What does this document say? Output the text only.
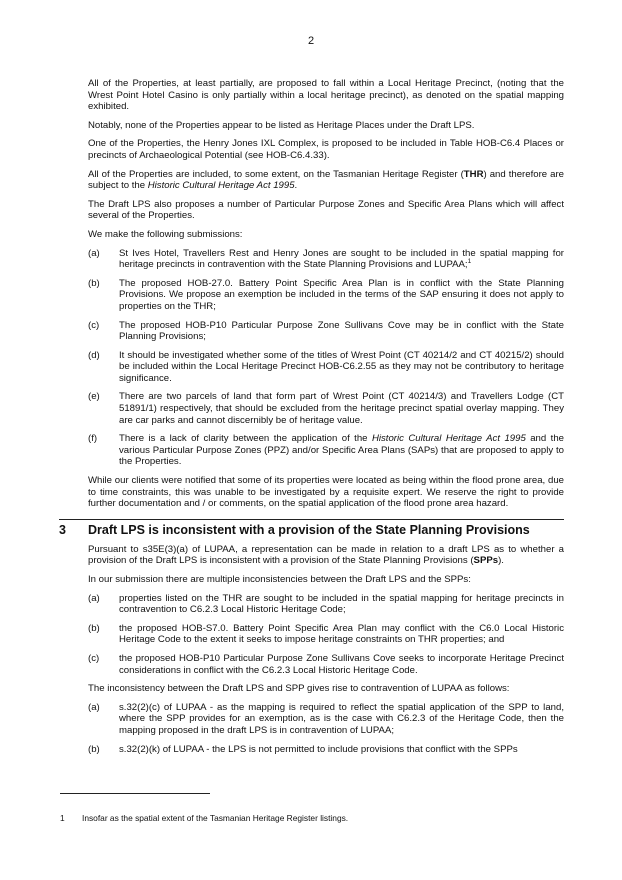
2

All of the Properties, at least partially, are proposed to fall within a Local Heritage Precinct, (noting that the Wrest Point Hotel Casino is only partially within a local heritage precinct), as denoted on the spatial mapping exhibited.

Notably, none of the Properties appear to be listed as Heritage Places under the Draft LPS.

One of the Properties, the Henry Jones IXL Complex, is proposed to be included in Table HOB-C6.4 Places or precincts of Archaeological Potential (see HOB-C6.4.33).

All of the Properties are included, to some extent, on the Tasmanian Heritage Register (THR) and therefore are subject to the Historic Cultural Heritage Act 1995.

The Draft LPS also proposes a number of Particular Purpose Zones and Specific Area Plans which will affect several of the Properties.

We make the following submissions:

(a)	St Ives Hotel, Travellers Rest and Henry Jones are sought to be included in the spatial mapping for heritage precincts in contravention with the State Planning Provisions and LUPAA;$^1$
(b)	The proposed HOB-27.0. Battery Point Specific Area Plan is in conflict with the State Planning Provisions. We propose an exemption be included in the terms of the SAP ensuring it does not apply to properties on the THR;
(c)	The proposed HOB-P10 Particular Purpose Zone Sullivans Cove may be in conflict with the State Planning Provisions;
(d)	It should be investigated whether some of the titles of Wrest Point (CT 40214/2 and CT 40215/2) should be included within the Local Heritage Precinct HOB-C6.2.55 as they may not be contributory to heritage significance.
(e)	There are two parcels of land that form part of Wrest Point (CT 40214/3) and Travellers Lodge (CT 51891/1) respectively, that should be excluded from the heritage precinct spatial overlay mapping. They are car parks and cannot discernibly be of heritage value.
(f)	There is a lack of clarity between the application of the Historic Cultural Heritage Act 1995 and the various Particular Purpose Zones (PPZ) and/or Specific Area Plans (SAPs) that are proposed to apply to the Properties.

While our clients were notified that some of its properties were located as being within the flood prone area, due to time constraints, this was unable to be investigated by a requisite expert. We reserve the right to provide further documentation and / or comments, on the spatial application of the flood prone area hazard.

3	Draft LPS is inconsistent with a provision of the State Planning Provisions

Pursuant to s35E(3)(a) of LUPAA, a representation can be made in relation to a draft LPS as to whether a provision of the Draft LPS is inconsistent with a provision of the State Planning Provisions (SPPs).

In our submission there are multiple inconsistencies between the Draft LPS and the SPPs:

(a)	properties listed on the THR are sought to be included in the spatial mapping for heritage precincts in contravention to C6.2.3 Local Historic Heritage Code;
(b)	the proposed HOB-S7.0. Battery Point Specific Area Plan may conflict with the C6.0 Local Historic Heritage Code to the extent it seeks to impose heritage constraints on THR properties; and
(c)	the proposed HOB-P10 Particular Purpose Zone Sullivans Cove seeks to incorporate Heritage Precinct considerations in conflict with the C6.2.3 Local Historic Heritage Code.

The inconsistency between the Draft LPS and SPP gives rise to contravention of LUPAA as follows:

(a)	s.32(2)(c) of LUPAA - as the mapping is required to reflect the spatial application of the SPP to land, where the SPP provides for an exemption, as is the case with C6.2.3 of the Heritage Code, then the mapping proposed in the draft LPS is in contravention of LUPAA;
(b)	s.32(2)(k) of LUPAA - the LPS is not permitted to include provisions that conflict with the SPPs
1	Insofar as the spatial extent of the Tasmanian Heritage Register listings.
